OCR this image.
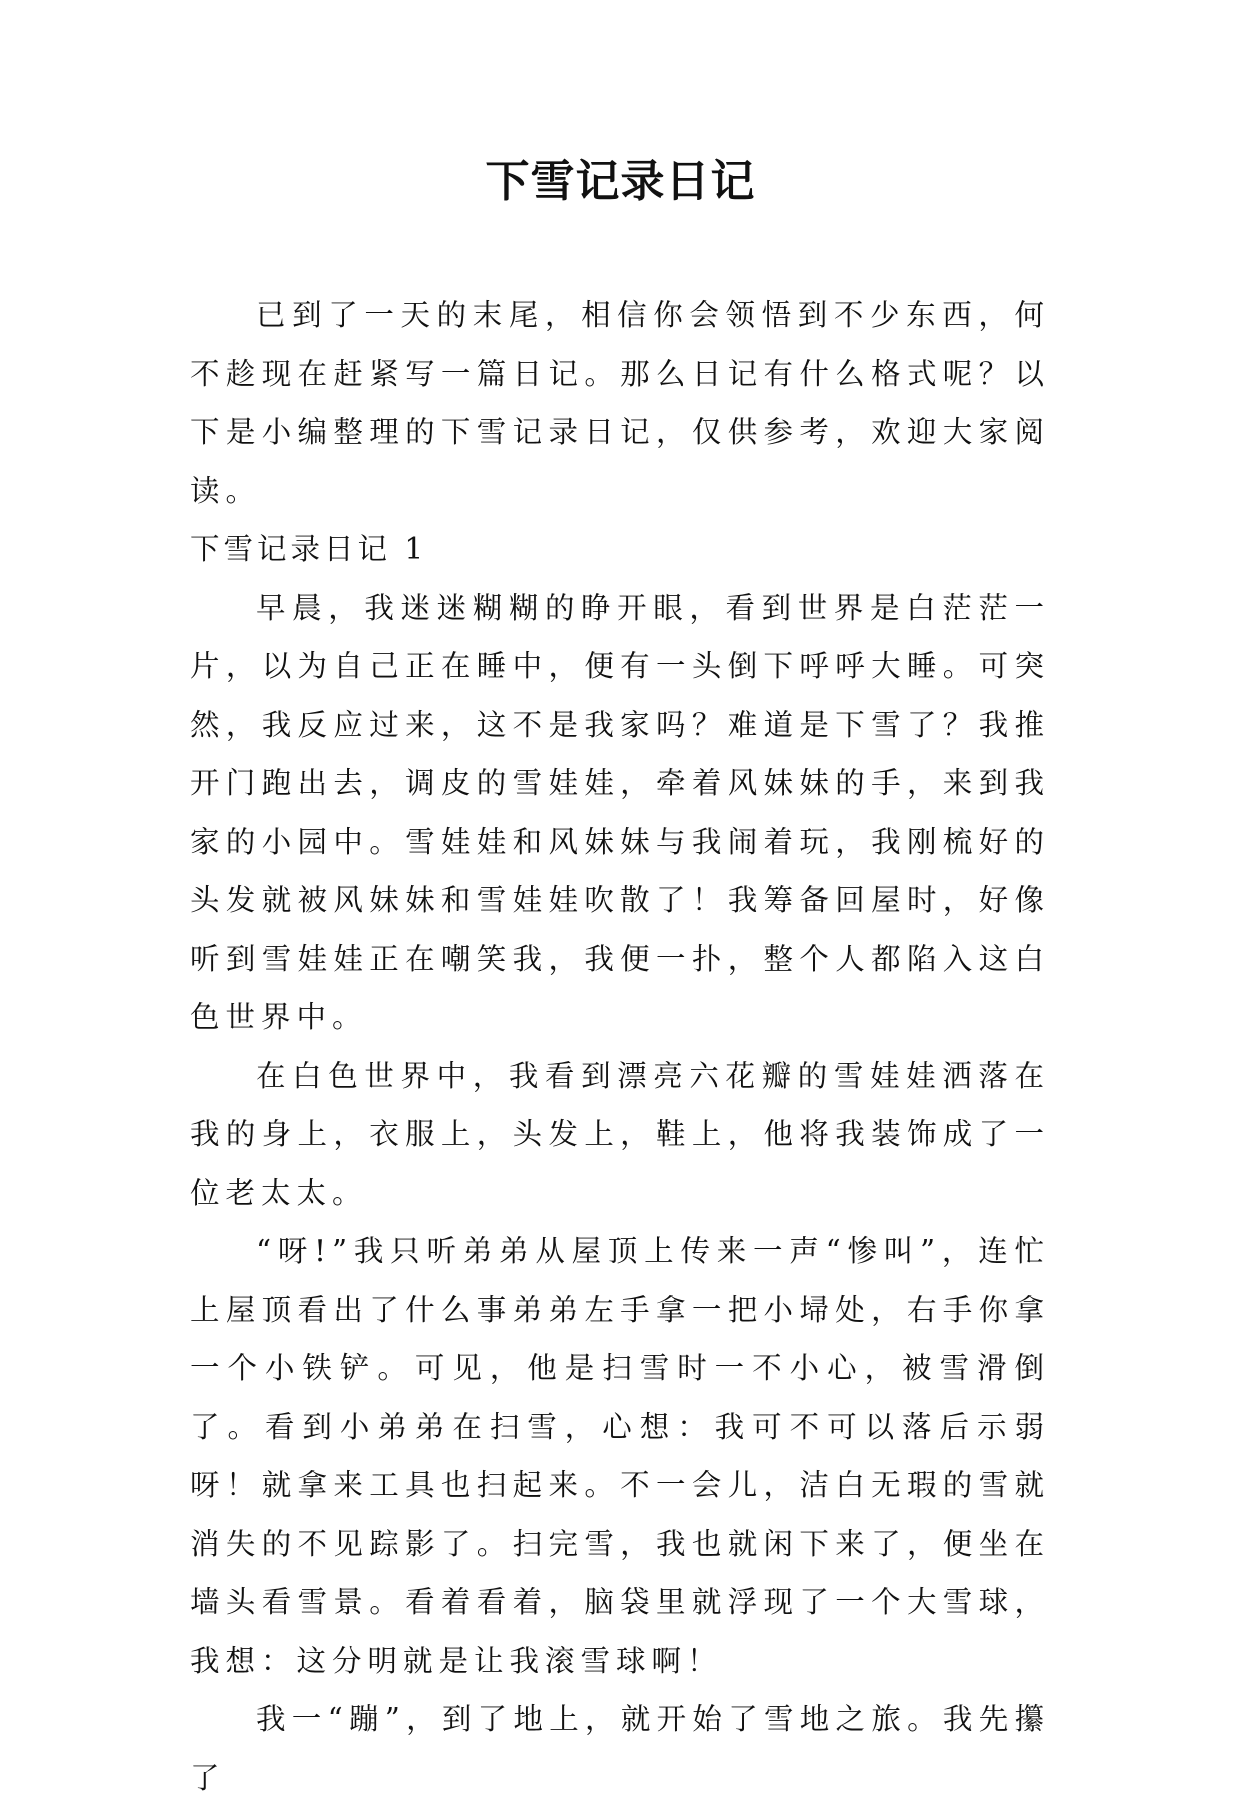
下雪记录日记

已到了一天的末尾，相信你会领悟到不少东西，何不趁现在赶紧写一篇日记。那么日记有什么格式呢？以下是小编整理的下雪记录日记，仅供参考，欢迎大家阅读。

下雪记录日记 1

早晨，我迷迷糊糊的睁开眼，看到世界是白茫茫一片，以为自己正在睡中，便有一头倒下呼呼大睡。可突然，我反应过来，这不是我家吗？难道是下雪了？我推开门跑出去，调皮的雪娃娃，牵着风妹妹的手，来到我家的小园中。雪娃娃和风妹妹与我闹着玩，我刚梳好的头发就被风妹妹和雪娃娃吹散了！我筹备回屋时，好像听到雪娃娃正在嘲笑我，我便一扑，整个人都陷入这白色世界中。

在白色世界中，我看到漂亮六花瓣的雪娃娃洒落在我的身上，衣服上，头发上，鞋上，他将我装饰成了一位老太太。

“呀!”我只听弟弟从屋顶上传来一声“惨叫”，连忙上屋顶看出了什么事弟弟左手拿一把小埽处，右手你拿一个小铁铲。可见，他是扫雪时一不小心，被雪滑倒了。看到小弟弟在扫雪，心想：我可不可以落后示弱呀！就拿来工具也扫起来。不一会儿，洁白无瑕的雪就消失的不见踪影了。扫完雪，我也就闲下来了，便坐在墙头看雪景。看着看着，脑袋里就浮现了一个大雪球，我想：这分明就是让我滚雪球啊！

我一“蹦”，到了地上，就开始了雪地之旅。我先攥了
